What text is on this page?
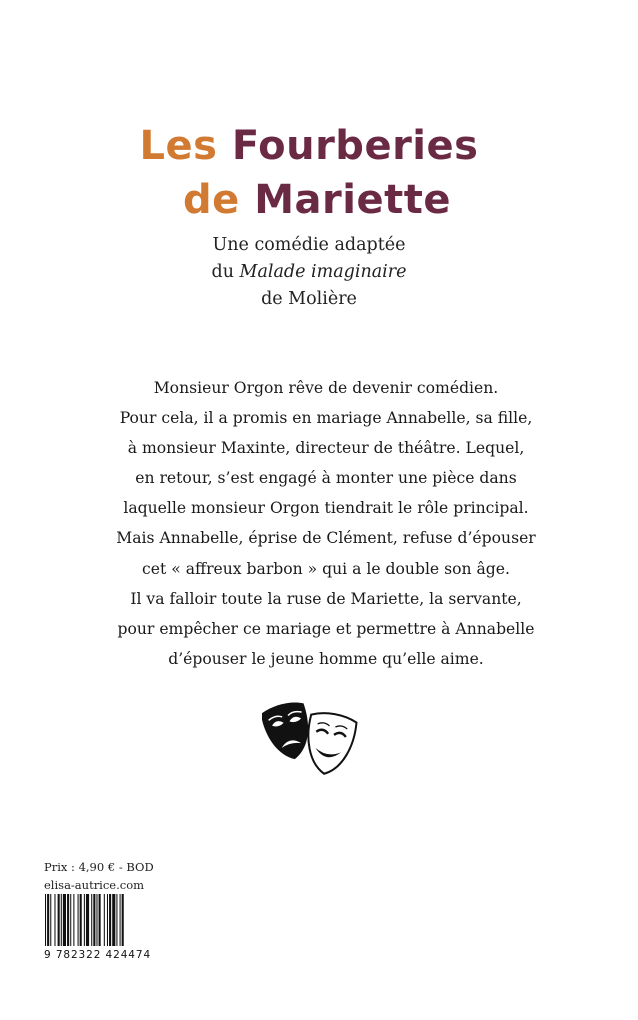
Les Fourberies
de Mariette
Une comédie adaptée
du Malade imaginaire
de Molière
Monsieur Orgon rêve de devenir comédien.
Pour cela, il a promis en mariage Annabelle, sa fille,
à monsieur Maxinte, directeur de théâtre. Lequel,
en retour, s’est engagé à monter une pièce dans
laquelle monsieur Orgon tiendrait le rôle principal.
Mais Annabelle, éprise de Clément, refuse d’épouser
cet « affreux barbon » qui a le double son âge.
Il va falloir toute la ruse de Mariette, la servante,
pour empêcher ce mariage et permettre à Annabelle
d’épouser le jeune homme qu’elle aime.
Prix : 4,90 € - BOD
elisa-autrice.com
9 782322 424474
